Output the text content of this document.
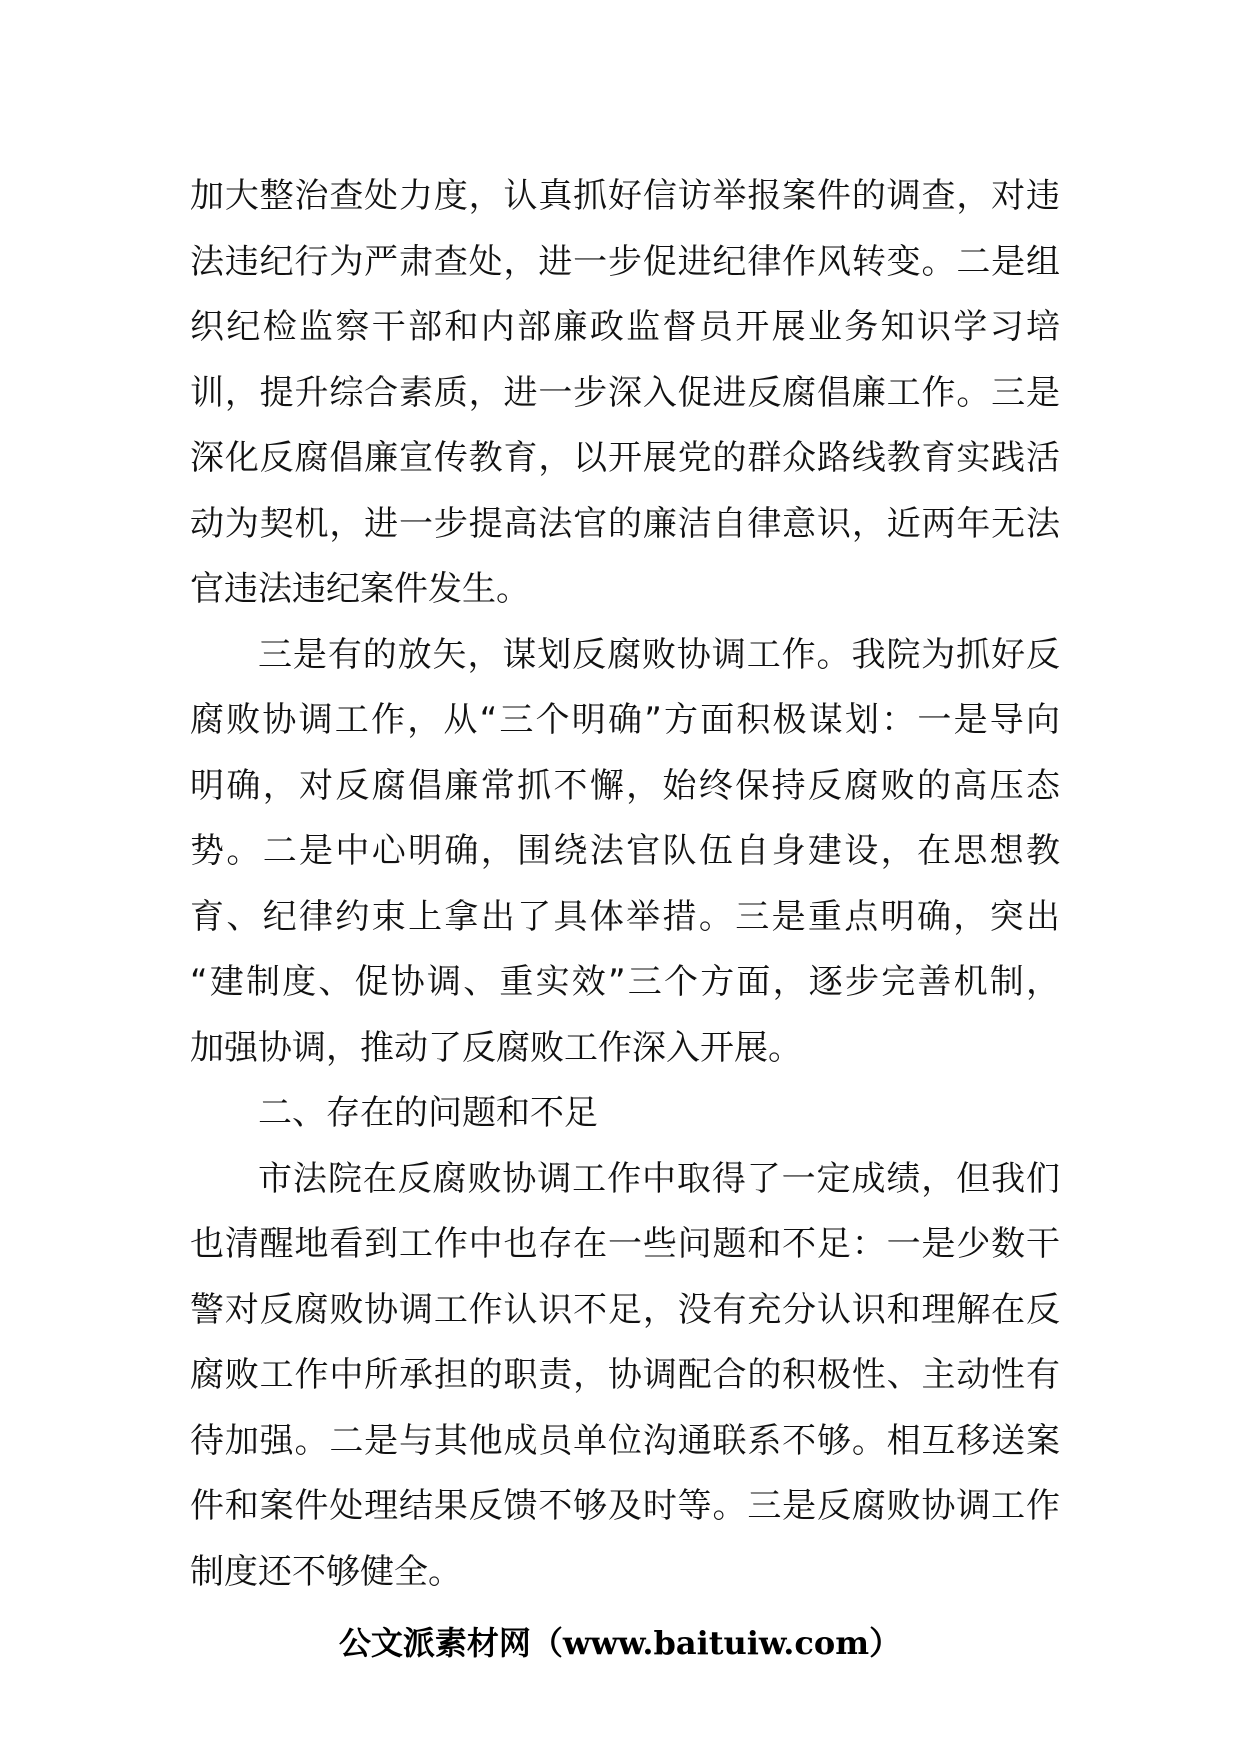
加大整治查处力度，认真抓好信访举报案件的调查，对违
法违纪行为严肃查处，进一步促进纪律作风转变。二是组
织纪检监察干部和内部廉政监督员开展业务知识学习培
训，提升综合素质，进一步深入促进反腐倡廉工作。三是
深化反腐倡廉宣传教育，以开展党的群众路线教育实践活
动为契机，进一步提高法官的廉洁自律意识，近两年无法
官违法违纪案件发生。
三是有的放矢，谋划反腐败协调工作。我院为抓好反
腐败协调工作，从“三个明确”方面积极谋划：一是导向
明确，对反腐倡廉常抓不懈，始终保持反腐败的高压态
势。二是中心明确，围绕法官队伍自身建设，在思想教
育、纪律约束上拿出了具体举措。三是重点明确，突出
“建制度、促协调、重实效”三个方面，逐步完善机制，
加强协调，推动了反腐败工作深入开展。
二、存在的问题和不足
市法院在反腐败协调工作中取得了一定成绩，但我们
也清醒地看到工作中也存在一些问题和不足：一是少数干
警对反腐败协调工作认识不足，没有充分认识和理解在反
腐败工作中所承担的职责，协调配合的积极性、主动性有
待加强。二是与其他成员单位沟通联系不够。相互移送案
件和案件处理结果反馈不够及时等。三是反腐败协调工作
制度还不够健全。
公文派素材网（www.baituiw.com）
